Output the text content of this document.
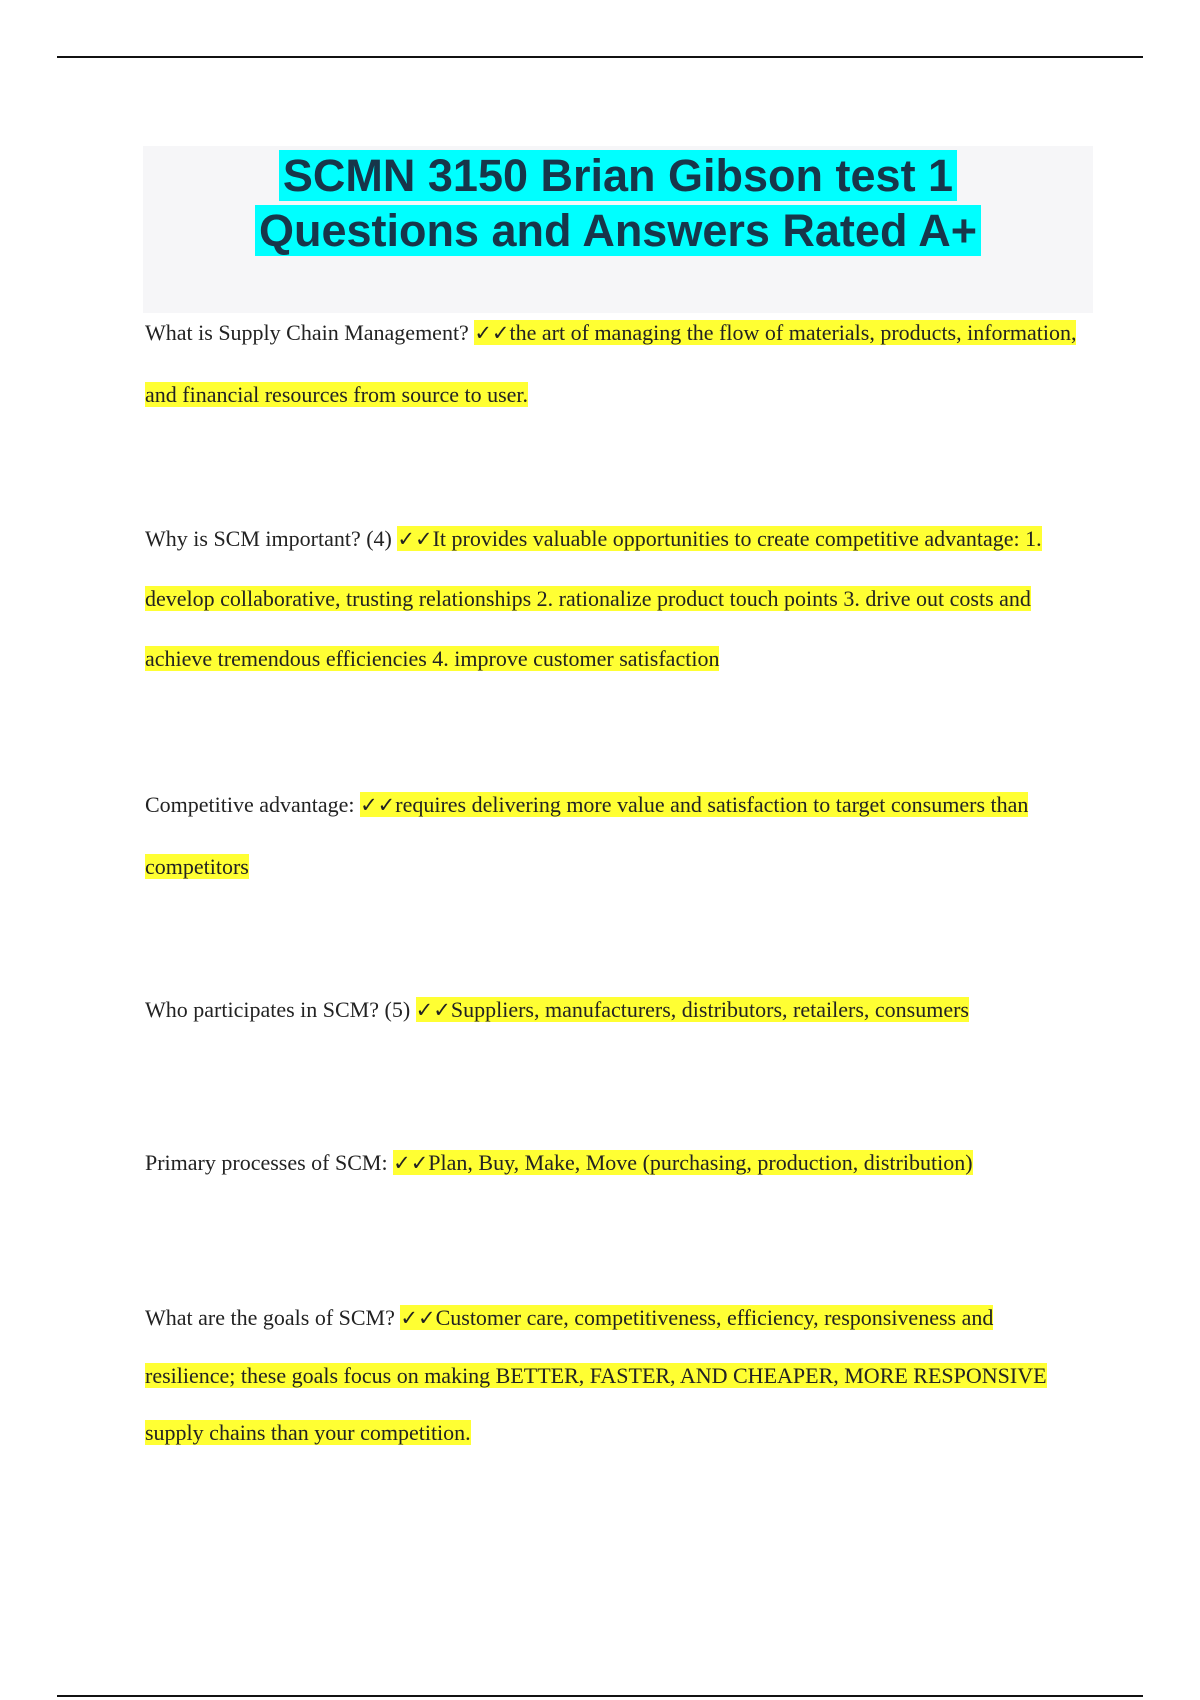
SCMN 3150 Brian Gibson test 1
Questions and Answers Rated A+

What is Supply Chain Management? ✓✓the art of managing the flow of materials, products, information, and financial resources from source to user.

Why is SCM important? (4) ✓✓It provides valuable opportunities to create competitive advantage: 1. develop collaborative, trusting relationships 2. rationalize product touch points 3. drive out costs and achieve tremendous efficiencies 4. improve customer satisfaction

Competitive advantage: ✓✓requires delivering more value and satisfaction to target consumers than competitors

Who participates in SCM? (5) ✓✓Suppliers, manufacturers, distributors, retailers, consumers

Primary processes of SCM: ✓✓Plan, Buy, Make, Move (purchasing, production, distribution)

What are the goals of SCM? ✓✓Customer care, competitiveness, efficiency, responsiveness and resilience; these goals focus on making BETTER, FASTER, AND CHEAPER, MORE RESPONSIVE supply chains than your competition.
